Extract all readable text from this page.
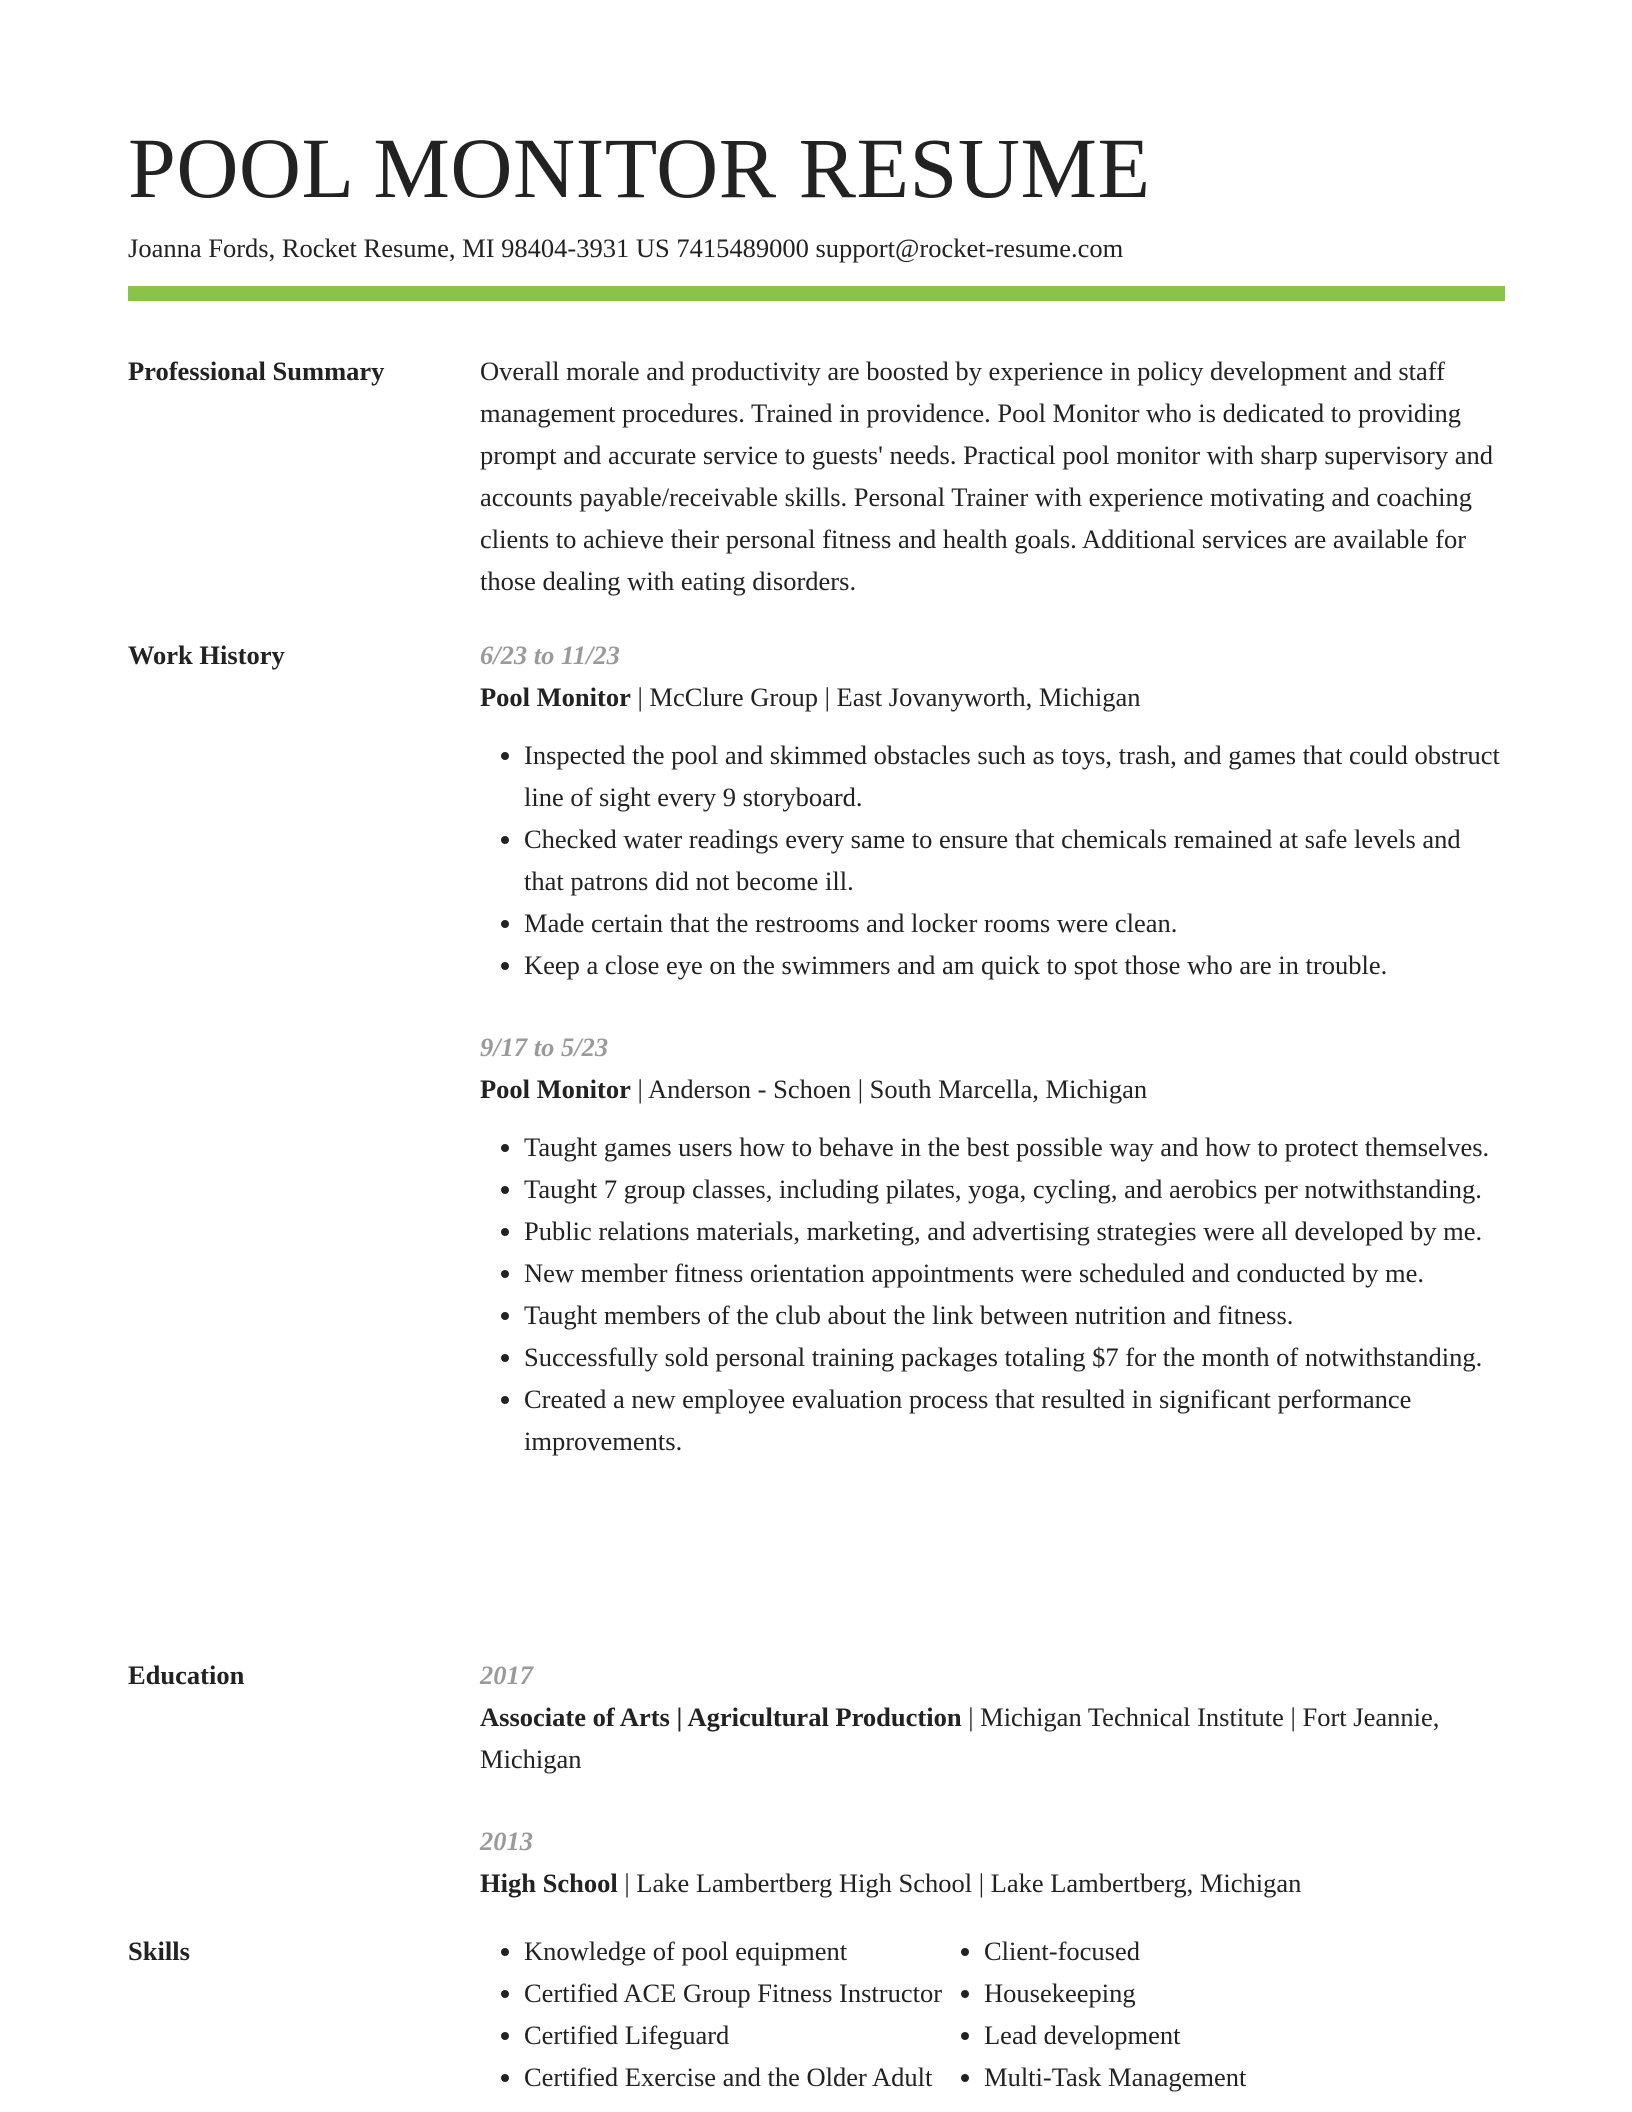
POOL MONITOR RESUME
Joanna Fords, Rocket Resume, MI 98404-3931 US 7415489000 support@rocket-resume.com
Professional Summary	Overall morale and productivity are boosted by experience in policy development and staff management procedures. Trained in providence. Pool Monitor who is dedicated to providing prompt and accurate service to guests' needs. Practical pool monitor with sharp supervisory and accounts payable/receivable skills. Personal Trainer with experience motivating and coaching clients to achieve their personal fitness and health goals. Additional services are available for those dealing with eating disorders.

Work History	6/23 to 11/23

Pool Monitor | McClure Group | East Jovanyworth, Michigan

• Inspected the pool and skimmed obstacles such as toys, trash, and games that could obstruct line of sight every 9 storyboard.
• Checked water readings every same to ensure that chemicals remained at safe levels and that patrons did not become ill.
• Made certain that the restrooms and locker rooms were clean.
• Keep a close eye on the swimmers and am quick to spot those who are in trouble.

9/17 to 5/23

Pool Monitor | Anderson - Schoen | South Marcella, Michigan

• Taught games users how to behave in the best possible way and how to protect themselves.
• Taught 7 group classes, including pilates, yoga, cycling, and aerobics per notwithstanding.
• Public relations materials, marketing, and advertising strategies were all developed by me.
• New member fitness orientation appointments were scheduled and conducted by me.
• Taught members of the club about the link between nutrition and fitness.
• Successfully sold personal training packages totaling $7 for the month of notwithstanding.
• Created a new employee evaluation process that resulted in significant performance improvements.
Education	2017

Associate of Arts | Agricultural Production | Michigan Technical Institute | Fort Jeannie, Michigan

2013

High School | Lake Lambertberg High School | Lake Lambertberg, Michigan

Skills
•	Knowledge of pool equipment
• Certified ACE Group Fitness Instructor
• Certified Lifeguard
• Certified Exercise and the Older Adult
• Client-focused
• Housekeeping
• Lead development
• Multi-Task Management
